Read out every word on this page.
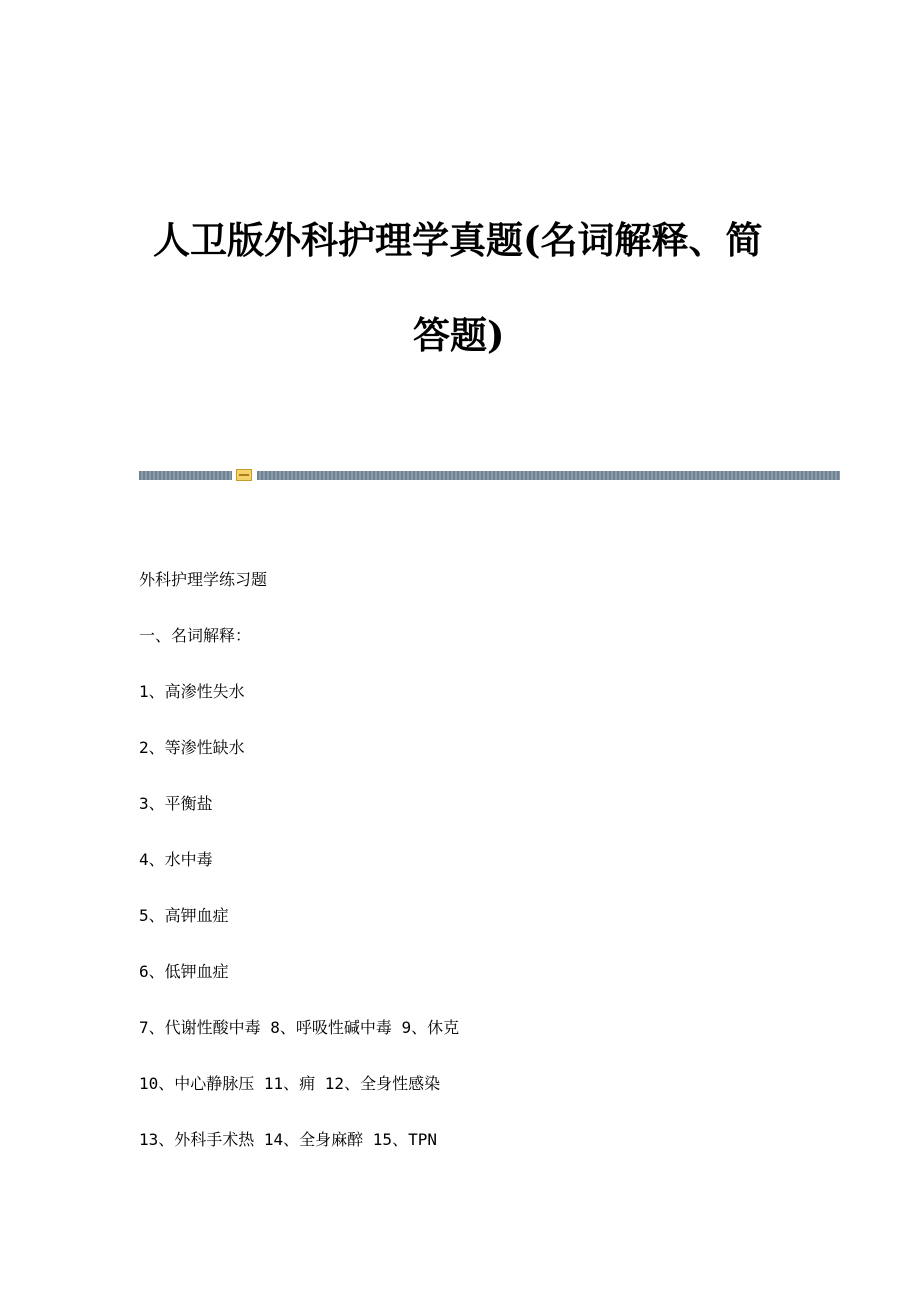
人卫版外科护理学真题(名词解释、简
答题)
外科护理学练习题
一、名词解释：
1、高渗性失水
2、等渗性缺水
3、平衡盐
4、水中毒
5、高钾血症
6、低钾血症
7、代谢性酸中毒 8、呼吸性碱中毒 9、休克
10、中心静脉压 11、痈 12、全身性感染
13、外科手术热 14、全身麻醉 15、TPN
